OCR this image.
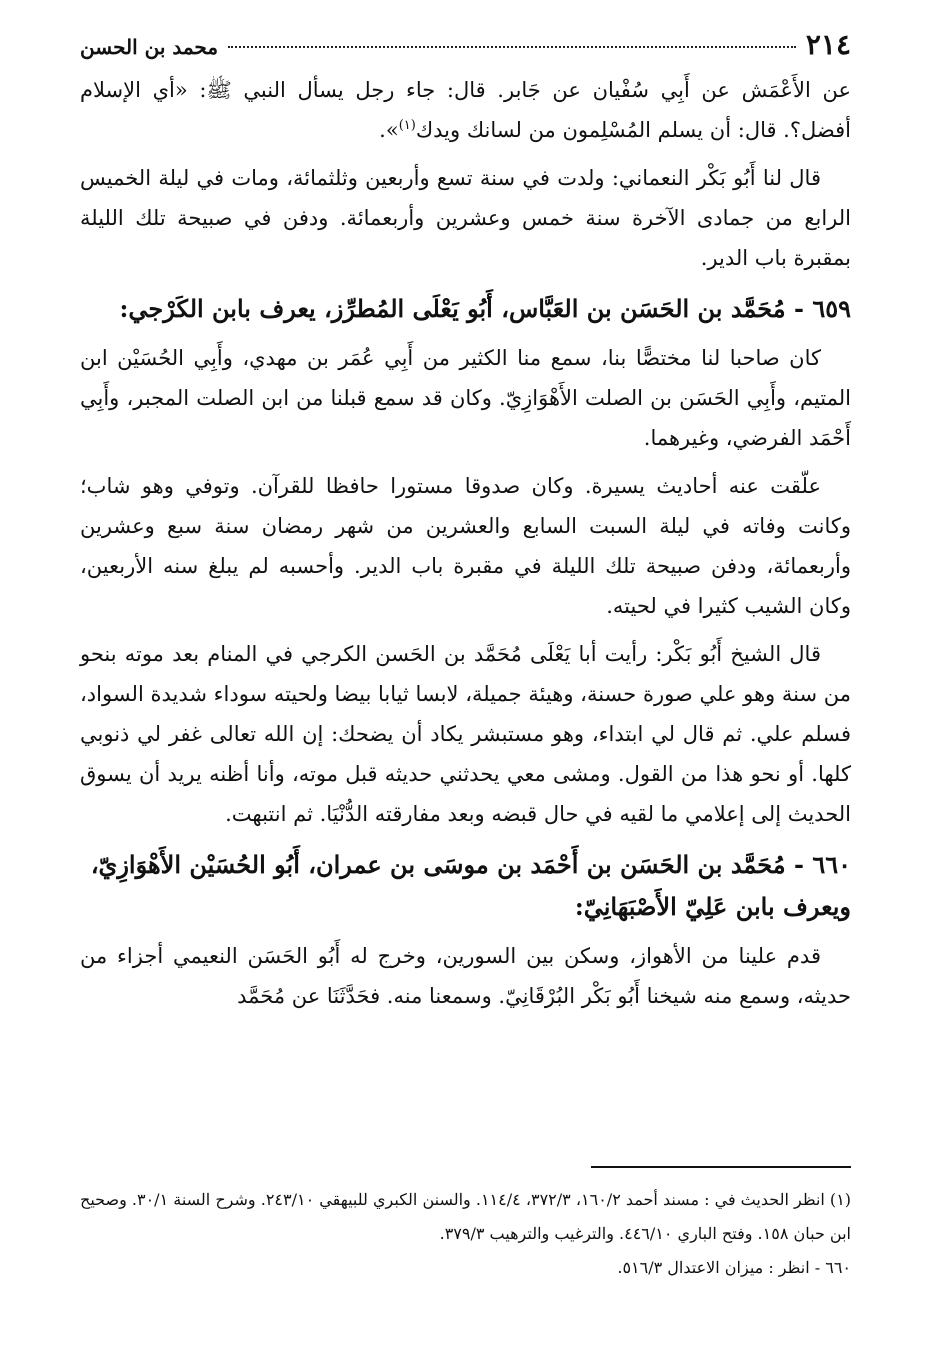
٢١٤
محمد بن الحسن

عن الأَعْمَش عن أَبِي سُفْيان عن جَابر. قال: جاء رجل يسأل النبي ﷺ: «أي الإسلام أفضل؟. قال: أن يسلم المُسْلِمون من لسانك ويدك$^{(١)}$».

قال لنا أَبُو بَكْر النعماني: ولدت في سنة تسع وأربعين وثلثمائة، ومات في ليلة الخميس الرابع من جمادى الآخرة سنة خمس وعشرين وأربعمائة. ودفن في صبيحة تلك الليلة بمقبرة باب الدير.

٦٥٩ - مُحَمَّد بن الحَسَن بن العَبَّاس، أَبُو يَعْلَى المُطرِّز، يعرف بابن الكَرْجي:

كان صاحبا لنا مختصًّا بنا، سمع منا الكثير من أَبِي عُمَر بن مهدي، وأَبِي الحُسَيْن ابن المتيم، وأَبِي الحَسَن بن الصلت الأَهْوَازِيّ. وكان قد سمع قبلنا من ابن الصلت المجبر، وأَبِي أَحْمَد الفرضي، وغيرهما.

علّقت عنه أحاديث يسيرة. وكان صدوقا مستورا حافظا للقرآن. وتوفي وهو شاب؛ وكانت وفاته في ليلة السبت السابع والعشرين من شهر رمضان سنة سبع وعشرين وأربعمائة، ودفن صبيحة تلك الليلة في مقبرة باب الدير. وأحسبه لم يبلغ سنه الأربعين، وكان الشيب كثيرا في لحيته.

قال الشيخ أَبُو بَكْر: رأيت أبا يَعْلَى مُحَمَّد بن الحَسن الكرجي في المنام بعد موته بنحو من سنة وهو علي صورة حسنة، وهيئة جميلة، لابسا ثيابا بيضا ولحيته سوداء شديدة السواد، فسلم علي. ثم قال لي ابتداء، وهو مستبشر يكاد أن يضحك: إن الله تعالى غفر لي ذنوبي كلها. أو نحو هذا من القول. ومشى معي يحدثني حديثه قبل موته، وأنا أظنه يريد أن يسوق الحديث إلى إعلامي ما لقيه في حال قبضه وبعد مفارقته الدُّنْيَا. ثم انتبهت.

٦٦٠ - مُحَمَّد بن الحَسَن بن أَحْمَد بن موسَى بن عمران، أَبُو الحُسَيْن الأَهْوَازِيّ، ويعرف بابن عَلِيّ الأَصْبَهَانِيّ:

قدم علينا من الأهواز، وسكن بين السورين، وخرج له أَبُو الحَسَن النعيمي أجزاء من حديثه، وسمع منه شيخنا أَبُو بَكْر البُرْقَانِيّ. وسمعنا منه. فحَدَّثَنَا عن مُحَمَّد

(١) انظر الحديث في : مسند أحمد ١٦٠/٢، ٣٧٢/٣، ١١٤/٤. والسنن الكبري للبيهقي ٢٤٣/١٠. وشرح السنة ٣٠/١. وصحيح ابن حبان ١٥٨. وفتح الباري ٤٤٦/١٠. والترغيب والترهيب ٣٧٩/٣.

٦٦٠ - انظر : ميزان الاعتدال ٥١٦/٣.
